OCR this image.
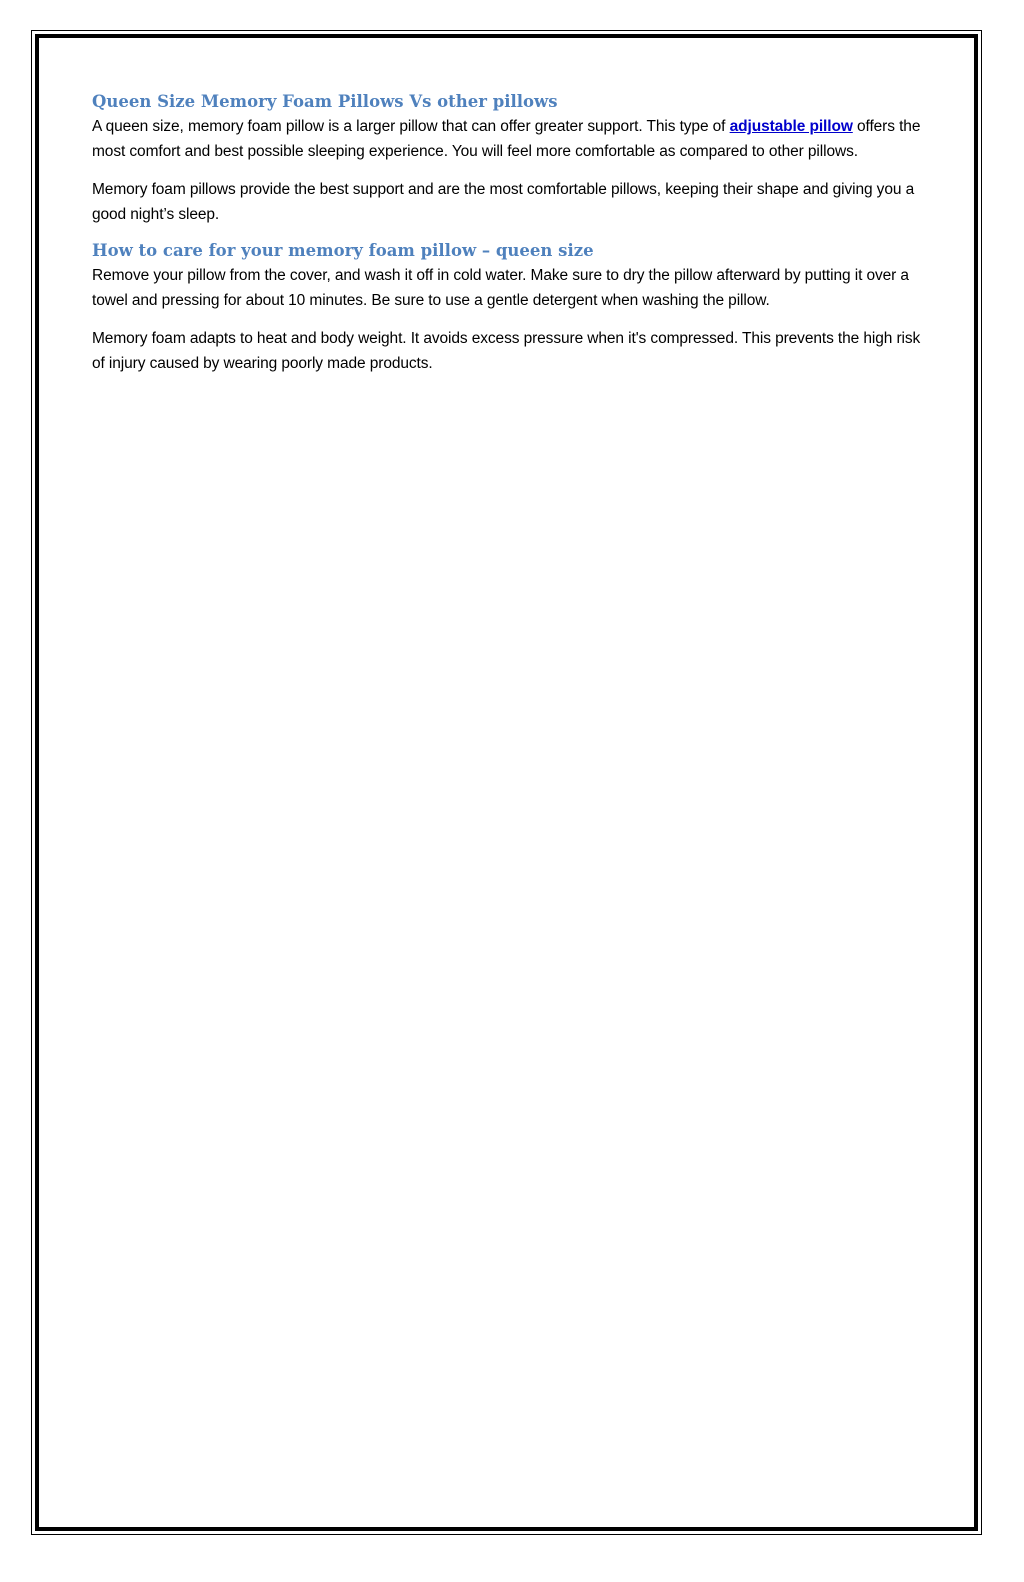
Queen Size Memory Foam Pillows Vs other pillows

A queen size, memory foam pillow is a larger pillow that can offer greater support. This type of adjustable pillow offers the most comfort and best possible sleeping experience. You will feel more comfortable as compared to other pillows.

Memory foam pillows provide the best support and are the most comfortable pillows, keeping their shape and giving you a good night’s sleep.

How to care for your memory foam pillow – queen size

Remove your pillow from the cover, and wash it off in cold water. Make sure to dry the pillow afterward by putting it over a towel and pressing for about 10 minutes. Be sure to use a gentle detergent when washing the pillow.

Memory foam adapts to heat and body weight. It avoids excess pressure when it's compressed. This prevents the high risk of injury caused by wearing poorly made products.
